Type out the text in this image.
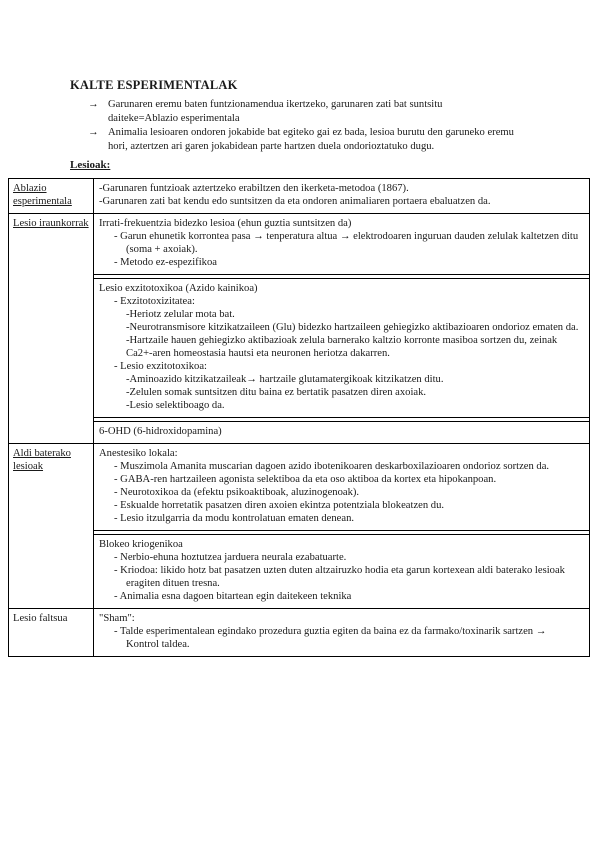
KALTE ESPERIMENTALAK
→ Garunaren eremu baten funtzionamendua ikertzeko, garunaren zati bat suntsitu daiteke=Ablazio esperimentala
→ Animalia lesioaren ondoren jokabide bat egiteko gai ez bada, lesioa burutu den garuneko eremu hori, aztertzen ari garen jokabidean parte hartzen duela ondorioztatuko dugu.
Lesioak:
Ablazio esperimentala
-Garunaren funtzioak aztertzeko erabiltzen den ikerketa-metodoa (1867).
-Garunaren zati bat kendu edo suntsitzen da eta ondoren animaliaren portaera ebaluatzen da.
Lesio iraunkorrak Irrati-frekuentzia bidezko lesioa (ehun guztia suntsitzen da)
- Garun ehunetik korrontea pasa → tenperatura altua → elektrodoaren inguruan dauden zelulak kaltetzen ditu (soma + axoiak).
- Metodo ez-espezifikoa
Lesio exzitotoxikoa (Azido kainikoa)
- Exzitotoxizitatea:
-Heriotz zelular mota bat.
-Neurotransmisore kitzikatzaileen (Glu) bidezko hartzaileen gehiegizko aktibazioaren ondorioz ematen da.
-Hartzaile hauen gehiegizko aktibazioak zelula barnerako kaltzio korronte masiboa sortzen du, zeinak Ca2+-aren homeostasia hautsi eta neuronen heriotza dakarren.
- Lesio exzitotoxikoa:
-Aminoazido kitzikatzaileak→ hartzaile glutamatergikoak kitzikatzen ditu.
-Zelulen somak suntsitzen ditu baina ez bertatik pasatzen diren axoiak.
-Lesio selektiboago da.
6-OHD (6-hidroxidopamina)
Aldi baterako lesioak
Anestesiko lokala:
- Muszimola Amanita muscarian dagoen azido ibotenikoaren deskarboxilazioaren ondorioz sortzen da.
- GABA-ren hartzaileen agonista selektiboa da eta oso aktiboa da kortex eta hipokanpoan.
- Neurotoxikoa da (efektu psikoaktiboak, aluzinogenoak).
- Eskualde horretatik pasatzen diren axoien ekintza potentziala blokeatzen du.
- Lesio itzulgarria da modu kontrolatuan ematen denean.
Blokeo kriogenikoa
- Nerbio-ehuna hoztutzea jarduera neurala ezabatuarte.
- Kriodoa: likido hotz bat pasatzen uzten duten altzairuzko hodia eta garun kortexean aldi baterako lesioak eragiten dituen tresna.
- Animalia esna dagoen bitartean egin daitekeen teknika
Lesio faltsua	"Sham":
- Talde esperimentalean egindako prozedura guztia egiten da baina ez da farmako/toxinarik sartzen → Kontrol taldea.
